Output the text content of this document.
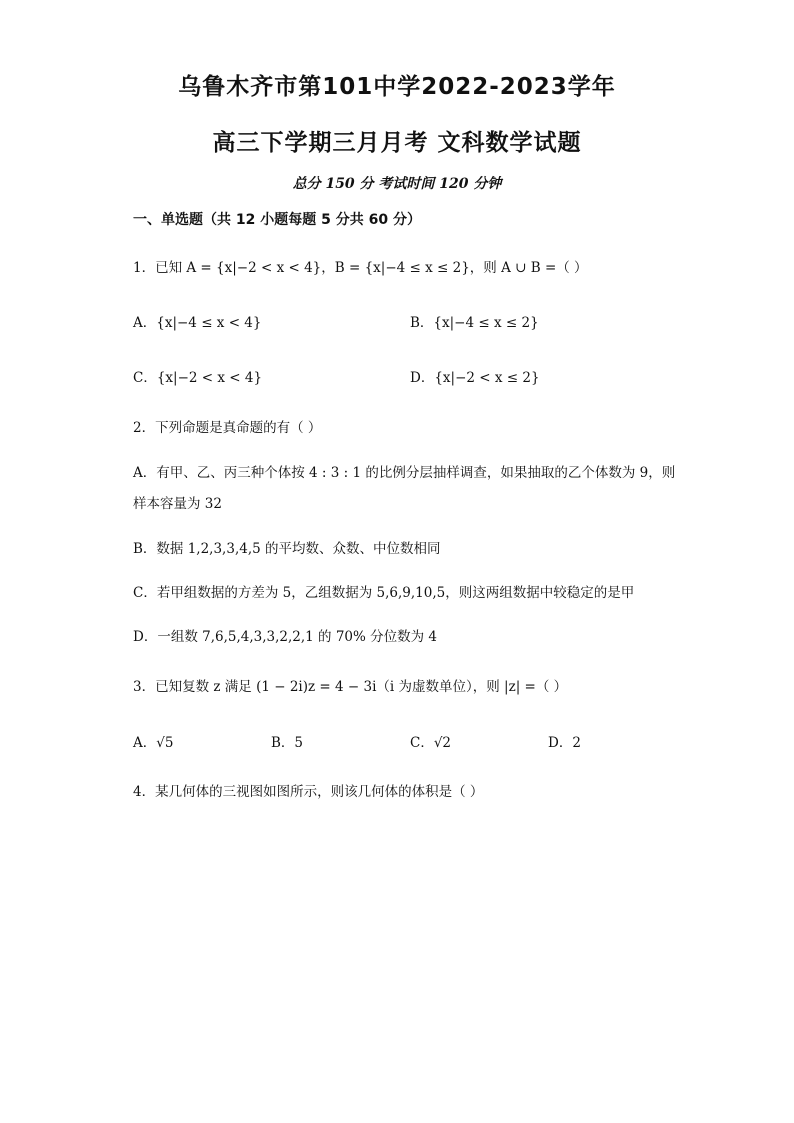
乌鲁木齐市第101中学2022-2023学年
高三下学期三月月考 文科数学试题
总分 150 分 考试时间 120 分钟
一、单选题（共 12 小题每题 5 分共 60 分）
1．已知 A = {x|−2 < x < 4}，B = {x|−4 ≤ x ≤ 2}，则 A ∪ B =（ ）
A．{x|−4 ≤ x < 4}	B．{x|−4 ≤ x ≤ 2}
C．{x|−2 < x < 4}	D．{x|−2 < x ≤ 2}
2．下列命题是真命题的有（ ）
A．有甲、乙、丙三种个体按 4 : 3 : 1 的比例分层抽样调查，如果抽取的乙个体数为 9，则
样本容量为 32
B．数据 1,2,3,3,4,5 的平均数、众数、中位数相同
C．若甲组数据的方差为 5，乙组数据为 5,6,9,10,5，则这两组数据中较稳定的是甲
D．一组数 7,6,5,4,3,3,2,2,1 的 70% 分位数为 4
3．已知复数 z 满足 (1 − 2i)z = 4 − 3i（i 为虚数单位），则 |z| =（ ）
A．√5	B．5	C．√2	D．2
4．某几何体的三视图如图所示，则该几何体的体积是（ ）
